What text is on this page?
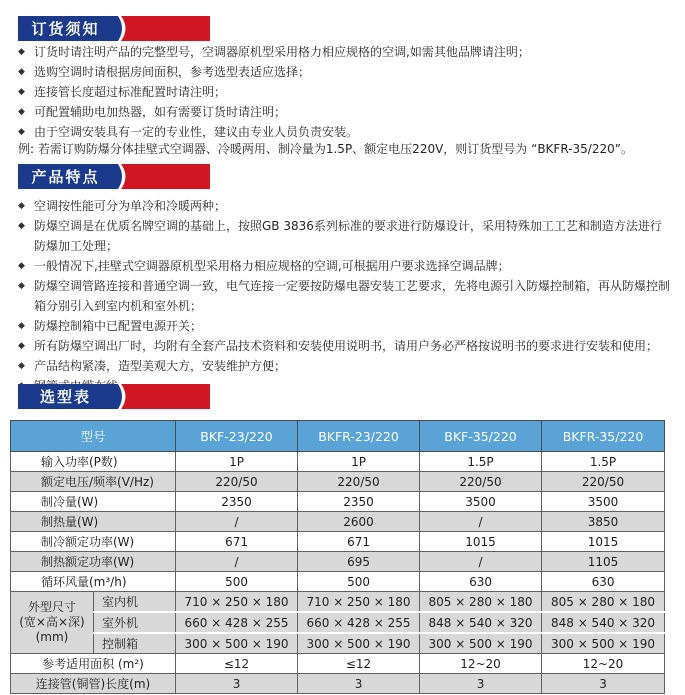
订货须知
◆ 订货时请注明产品的完整型号，空调器原机型采用格力相应规格的空调,如需其他品牌请注明；
◆ 选购空调时请根据房间面积，参考选型表适应选择；
◆ 连接管长度超过标准配置时请注明；
◆ 可配置辅助电加热器，如有需要订货时请注明；
◆ 由于空调安装具有一定的专业性，建议由专业人员负责安装。
例: 若需订购防爆分体挂壁式空调器、冷暖两用、制冷量为1.5P、额定电压220V，则订货型号为 “BKFR-35/220”。
产品特点
◆ 空调按性能可分为单冷和冷暖两种；
◆ 防爆空调是在优质名牌空调的基础上，按照GB 3836系列标准的要求进行防爆设计，采用特殊加工工艺和制造方法进行防爆加工处理；
◆ 一般情况下,挂壁式空调器原机型采用格力相应规格的空调,可根据用户要求选择空调品牌；
◆ 防爆空调管路连接和普通空调一致，电气连接一定要按防爆电器安装工艺要求，先将电源引入防爆控制箱，再从防爆控制箱分别引入到室内机和室外机；
◆ 防爆控制箱中已配置电源开关；
◆ 所有防爆空调出厂时，均附有全套产品技术资料和安装使用说明书，请用户务必严格按说明书的要求进行安装和使用；
◆ 产品结构紧凑，造型美观大方，安装维护方便；
选型表
型号		BKF-23/220	BKFR-23/220	BKF-35/220	BKFR-35/220
输入功率(P数)		1P	1P	1.5P	1.5P
额定电压/频率(V/Hz)		220/50	220/50	220/50	220/50
制冷量(W)		2350	2350	3500	3500
制热量(W)		/	2600	/	3850
制冷额定功率(W)		671	671	1015	1015
制热额定功率(W)		/	695	/	1105
循环风量(m³/h)		500	500	630	630

外型尺寸
(宽×高×深)
(mm)	室内机	710 × 250 × 180	710 × 250 × 180	805 × 280 × 180	805 × 280 × 180
	室外机	660 × 428 × 255	660 × 428 × 255	848 × 540 × 320	848 × 540 × 320
	控制箱	300 × 500 × 190	300 × 500 × 190	300 × 500 × 190	300 × 500 × 190
参考适用面积 (m²)		≤12	≤12	12~20	12~20
连接管(铜管)长度(m)		3	3	3	3
